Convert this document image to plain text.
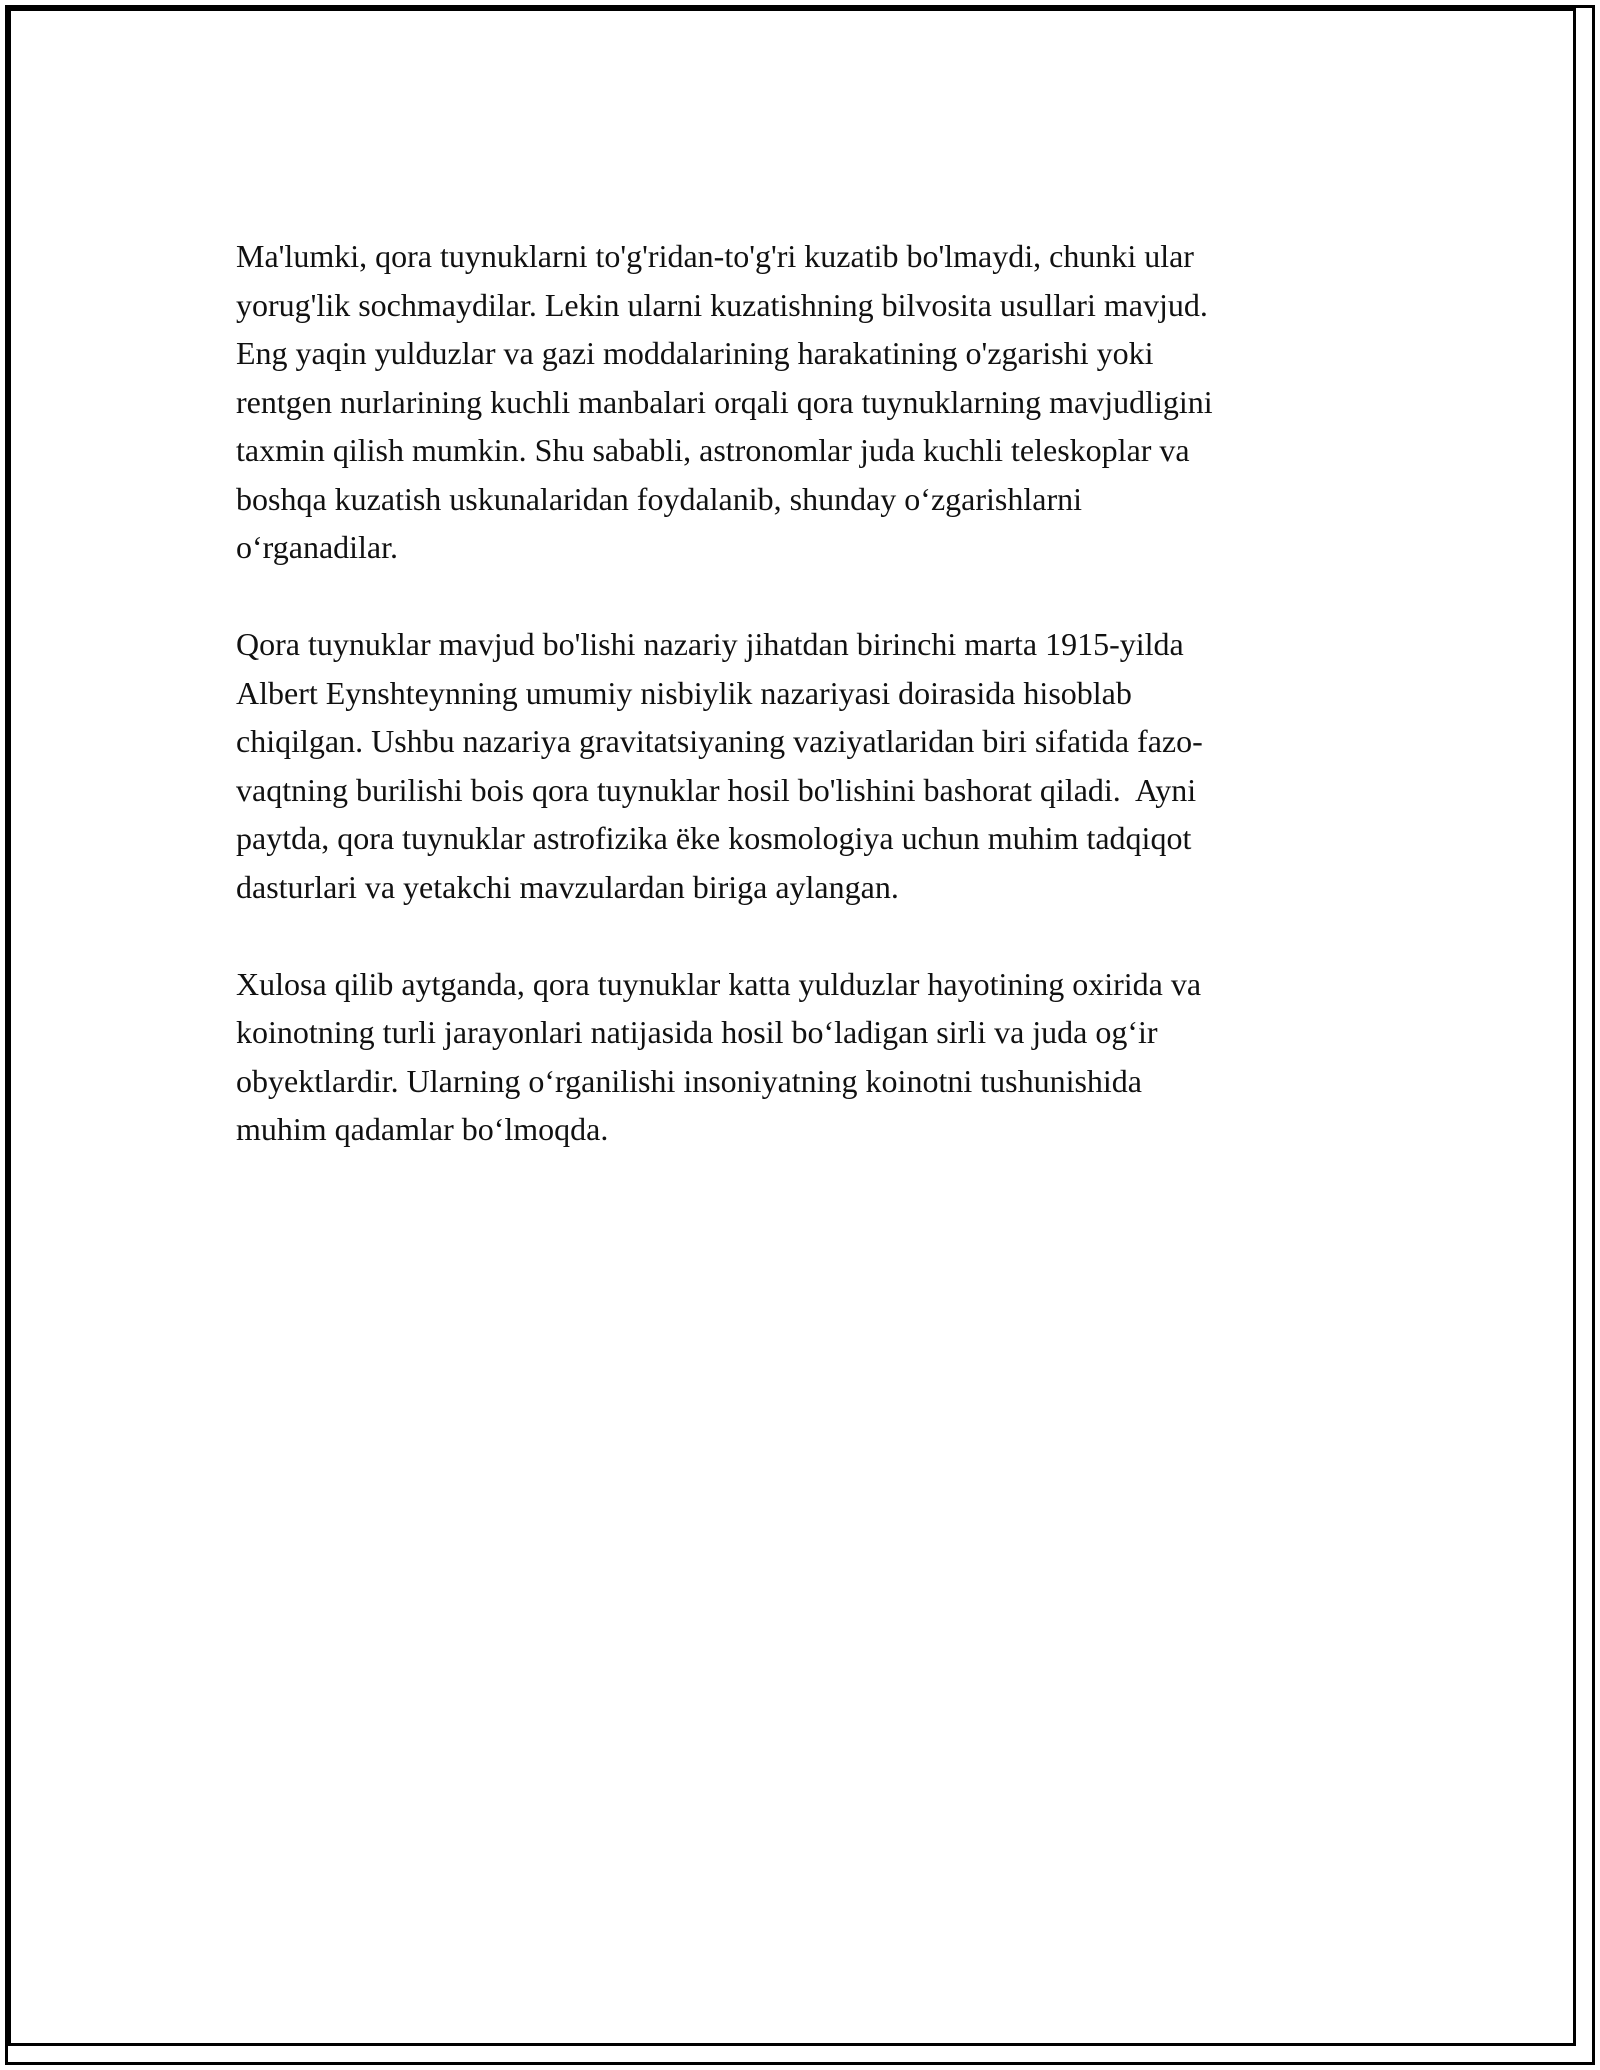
Ma'lumki, qora tuynuklarni to'g'ridan-to'g'ri kuzatib bo'lmaydi, chunki ular
yorug'lik sochmaydilar. Lekin ularni kuzatishning bilvosita usullari mavjud.
Eng yaqin yulduzlar va gazi moddalarining harakatining o'zgarishi yoki
rentgen nurlarining kuchli manbalari orqali qora tuynuklarning mavjudligini
taxmin qilish mumkin. Shu sababli, astronomlar juda kuchli teleskoplar va
boshqa kuzatish uskunalaridan foydalanib, shunday oʻzgarishlarni
oʻrganadilar.

Qora tuynuklar mavjud bo'lishi nazariy jihatdan birinchi marta 1915-yilda
Albert Eynshteynning umumiy nisbiylik nazariyasi doirasida hisoblab
chiqilgan. Ushbu nazariya gravitatsiyaning vaziyatlaridan biri sifatida fazo-
vaqtning burilishi bois qora tuynuklar hosil bo'lishini bashorat qiladi.  Ayni
paytda, qora tuynuklar astrofizika ëke kosmologiya uchun muhim tadqiqot
dasturlari va yetakchi mavzulardan biriga aylangan.

Xulosa qilib aytganda, qora tuynuklar katta yulduzlar hayotining oxirida va
koinotning turli jarayonlari natijasida hosil boʻladigan sirli va juda ogʻir
obyektlardir. Ularning oʻrganilishi insoniyatning koinotni tushunishida
muhim qadamlar boʻlmoqda.
